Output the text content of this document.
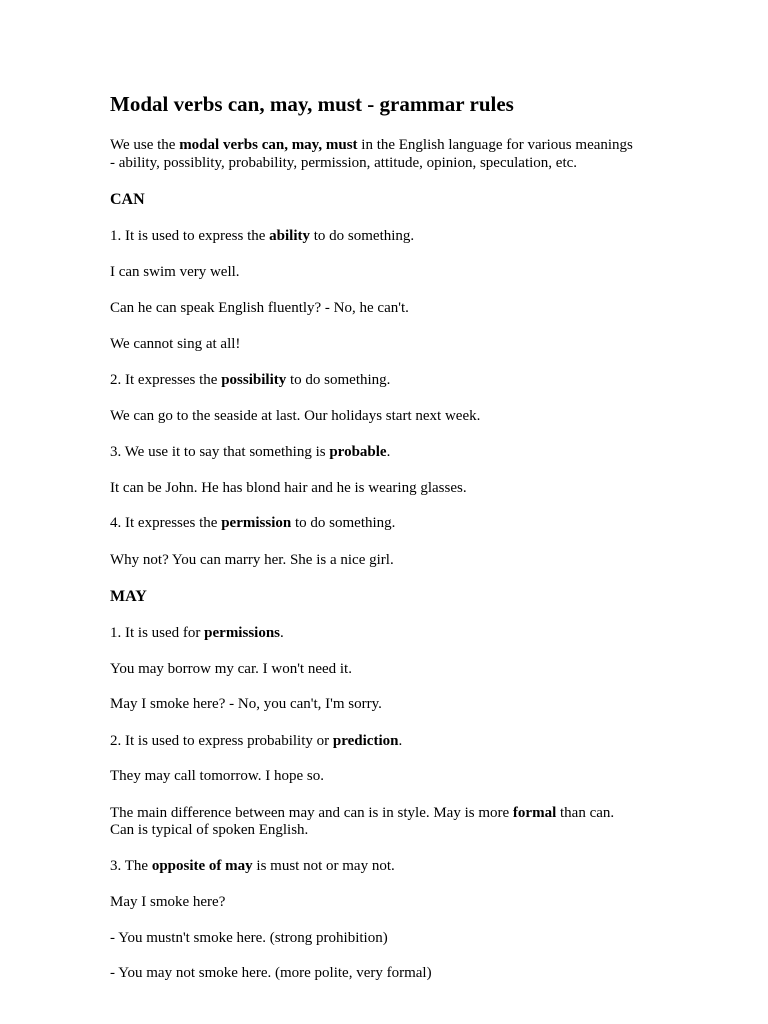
Modal verbs can, may, must - grammar rules

We use the modal verbs can, may, must in the English language for various meanings

- ability, possiblity, probability, permission, attitude, opinion, speculation, etc.

CAN

1. It is used to express the ability to do something.

I can swim very well.

Can he can speak English fluently? - No, he can't.

We cannot sing at all!

2. It expresses the possibility to do something.

We can go to the seaside at last. Our holidays start next week.

3. We use it to say that something is probable.

It can be John. He has blond hair and he is wearing glasses.

4. It expresses the permission to do something.

Why not? You can marry her. She is a nice girl.

MAY

1. It is used for permissions.

You may borrow my car. I won't need it.

May I smoke here? - No, you can't, I'm sorry.

2. It is used to express probability or prediction.

They may call tomorrow. I hope so.

The main difference between may and can is in style. May is more formal than can.

Can is typical of spoken English.

3. The opposite of may is must not or may not.

May I smoke here?

- You mustn't smoke here. (strong prohibition)

- You may not smoke here. (more polite, very formal)
